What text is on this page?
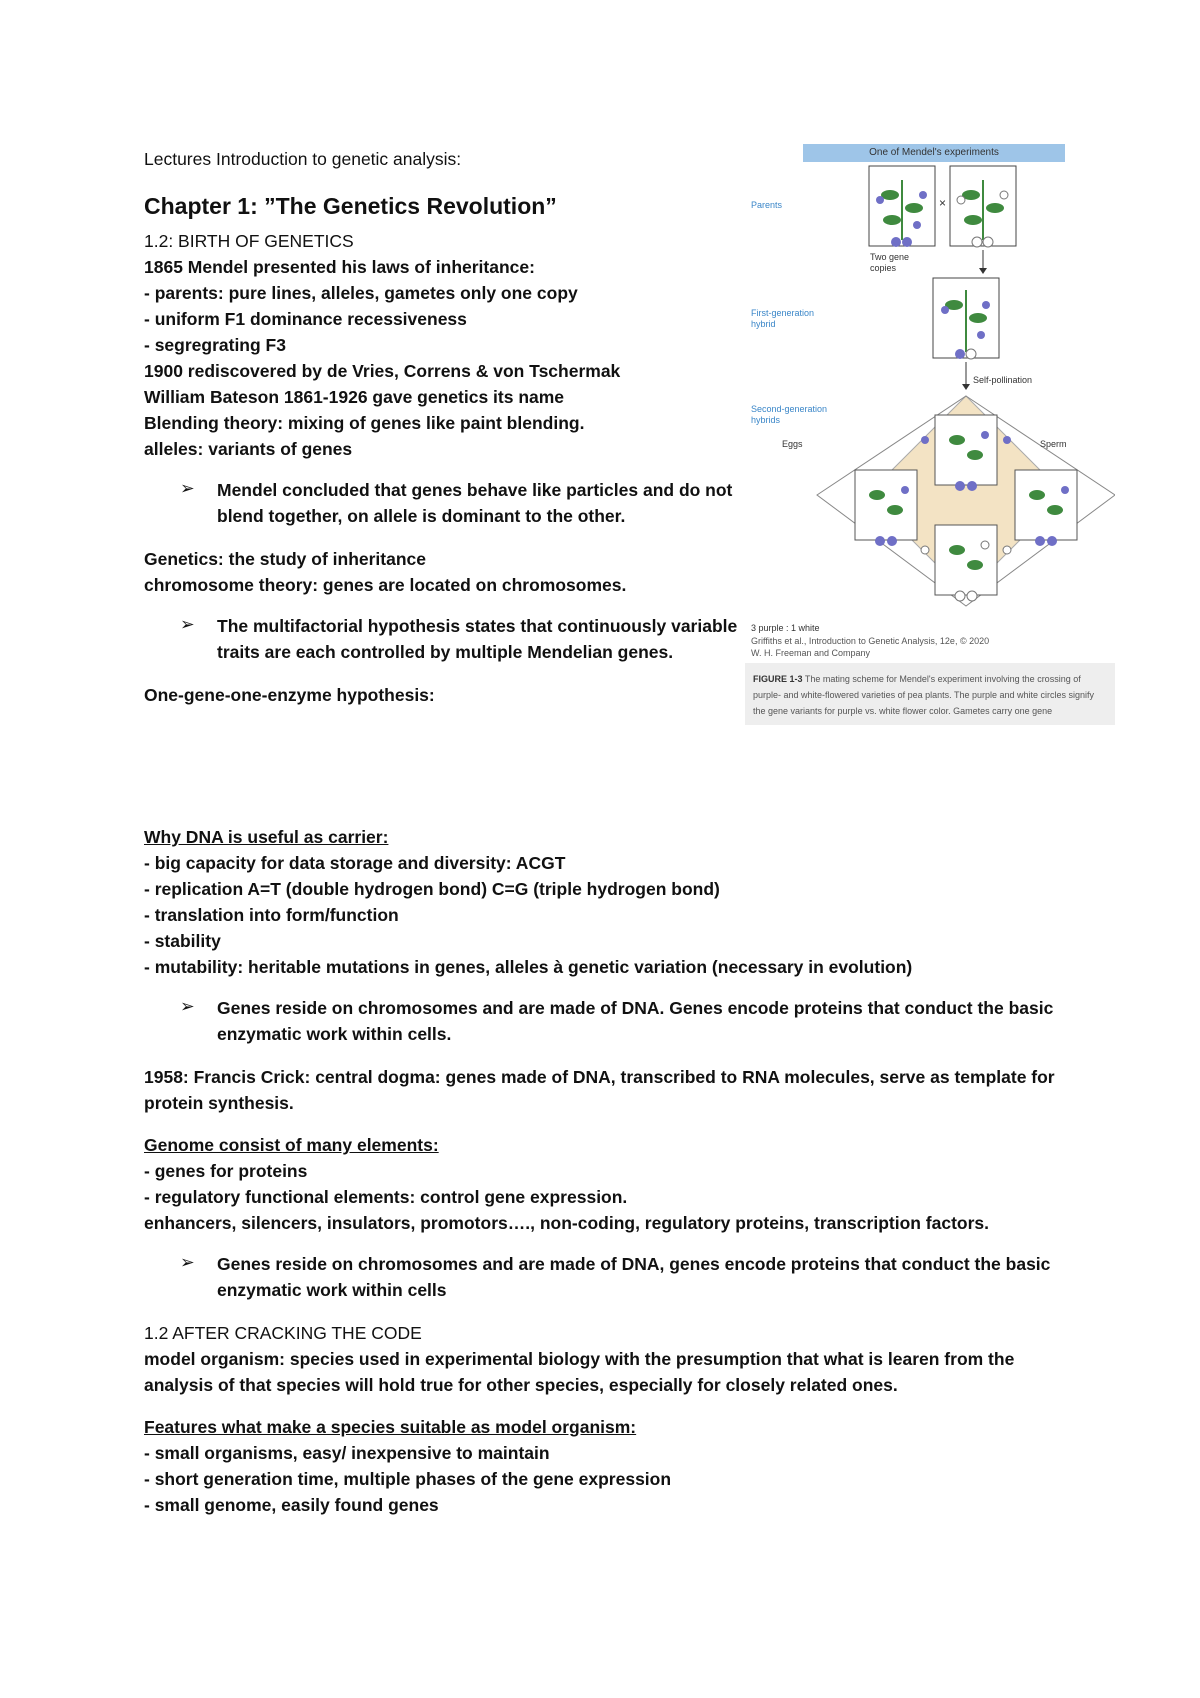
Lectures Introduction to genetic analysis:
Chapter 1: ”The Genetics Revolution”
1.2: BIRTH OF GENETICS
1865 Mendel presented his laws of inheritance:
- parents: pure lines, alleles, gametes only one copy
- uniform F1 dominance recessiveness
- segregrating F3
1900 rediscovered by de Vries, Correns & von Tschermak
William Bateson 1861-1926 gave genetics its name
Blending theory: mixing of genes like paint blending.
alleles: variants of genes
➢ Mendel concluded that genes behave like particles and do not
blend together, on allele is dominant to the other.
Genetics: the study of inheritance
chromosome theory: genes are located on chromosomes.
➢ The multifactorial hypothesis states that continuously variable
traits are each controlled by multiple Mendelian genes.
One-gene-one-enzyme hypothesis:
Why DNA is useful as carrier:
- big capacity for data storage and diversity: ACGT
- replication A=T (double hydrogen bond) C=G (triple hydrogen bond)
- translation into form/function
- stability
- mutability: heritable mutations in genes, alleles à genetic variation (necessary in evolution)
➢ Genes reside on chromosomes and are made of DNA. Genes encode proteins that conduct the basic
enzymatic work within cells.
1958: Francis Crick: central dogma: genes made of DNA, transcribed to RNA molecules, serve as template for
protein synthesis.
Genome consist of many elements:
- genes for proteins
- regulatory functional elements: control gene expression.
enhancers, silencers, insulators, promotors…., non-coding, regulatory proteins, transcription factors.
➢ Genes reside on chromosomes and are made of DNA, genes encode proteins that conduct the basic
enzymatic work within cells
1.2 AFTER CRACKING THE CODE
model organism: species used in experimental biology with the presumption that what is learen from the
analysis of that species will hold true for other species, especially for closely related ones.
Features what make a species suitable as model organism:
- small organisms, easy/ inexpensive to maintain
- short generation time, multiple phases of the gene expression
- small genome, easily found genes
One of Mendel's experiments
Parents	×
Two gene copies
First-generation hybrid
Self-pollination
Second-generation hybrids
Eggs	Sperm
3 purple : 1 white
Griffiths et al., Introduction to Genetic Analysis, 12e, © 2020
W. H. Freeman and Company
FIGURE 1-3 The mating scheme for Mendel's experiment involving the crossing of purple- and white-flowered varieties of pea plants. The purple and white circles signify the gene variants for purple vs. white flower color. Gametes carry one gene
